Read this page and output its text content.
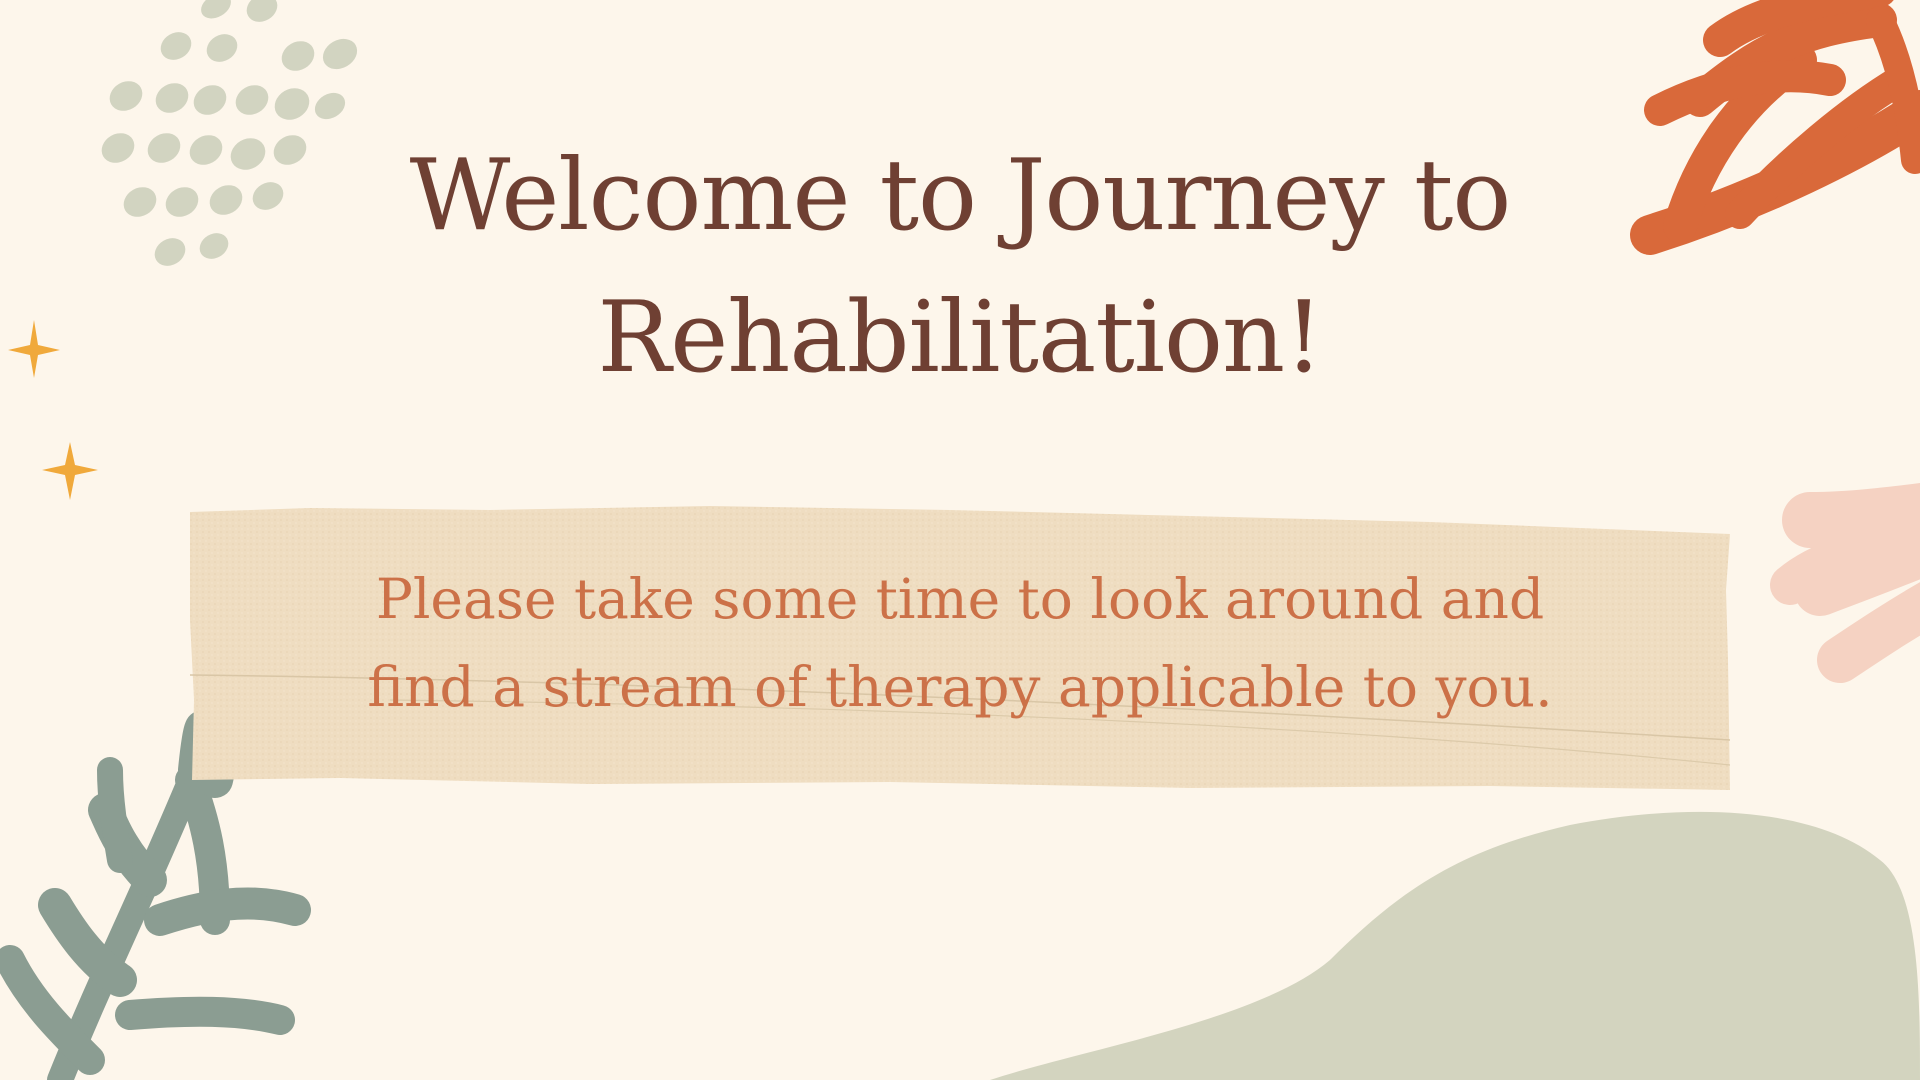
Welcome to Journey to
Rehabilitation!

Please take some time to look around and
find a stream of therapy applicable to you.
